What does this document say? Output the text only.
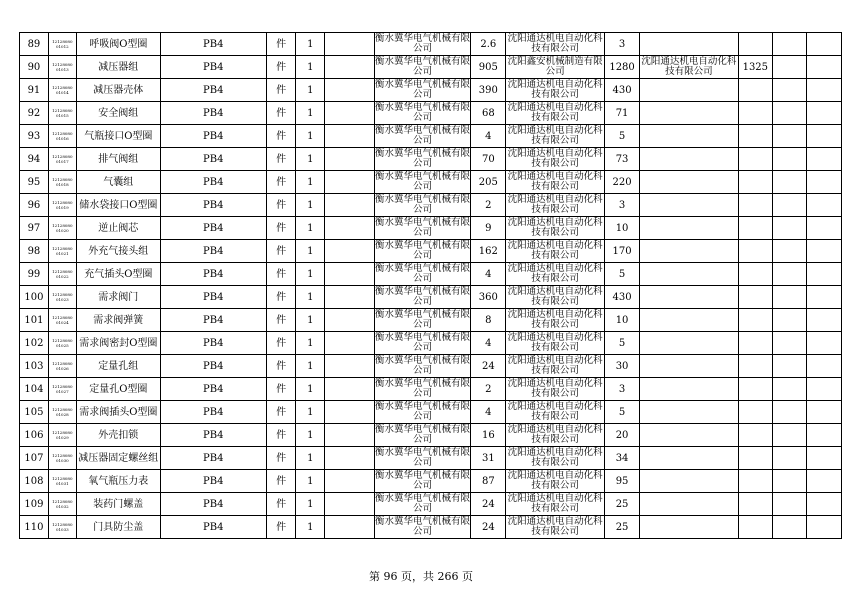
89	12128080 01012	呼吸阀O型圈	PB4	件	1		衡水冀华电气机械有限公司	2.6	沈阳通达机电自动化科技有限公司	3				
90	12128080 01013	减压器组	PB4	件	1		衡水冀华电气机械有限公司	905	沈阳鑫安机械制造有限公司	1280	沈阳通达机电自动化科技有限公司	1325		
91	12128080 01014	减压器壳体	PB4	件	1		衡水冀华电气机械有限公司	390	沈阳通达机电自动化科技有限公司	430				
92	12128080 01015	安全阀组	PB4	件	1		衡水冀华电气机械有限公司	68	沈阳通达机电自动化科技有限公司	71				
93	12128080 01016	气瓶接口O型圈	PB4	件	1		衡水冀华电气机械有限公司	4	沈阳通达机电自动化科技有限公司	5				
94	12128080 01017	排气阀组	PB4	件	1		衡水冀华电气机械有限公司	70	沈阳通达机电自动化科技有限公司	73				
95	12128080 01018	气囊组	PB4	件	1		衡水冀华电气机械有限公司	205	沈阳通达机电自动化科技有限公司	220				
96	12128080 01019	储水袋接口O型圈	PB4	件	1		衡水冀华电气机械有限公司	2	沈阳通达机电自动化科技有限公司	3				
97	12128080 01020	逆止阀芯	PB4	件	1		衡水冀华电气机械有限公司	9	沈阳通达机电自动化科技有限公司	10				
98	12128080 01021	外充气接头组	PB4	件	1		衡水冀华电气机械有限公司	162	沈阳通达机电自动化科技有限公司	170				
99	12128080 01022	充气插头O型圈	PB4	件	1		衡水冀华电气机械有限公司	4	沈阳通达机电自动化科技有限公司	5				
100	12128080 01023	需求阀门	PB4	件	1		衡水冀华电气机械有限公司	360	沈阳通达机电自动化科技有限公司	430				
101	12128080 01024	需求阀弹簧	PB4	件	1		衡水冀华电气机械有限公司	8	沈阳通达机电自动化科技有限公司	10				
102	12128080 01025	需求阀密封O型圈	PB4	件	1		衡水冀华电气机械有限公司	4	沈阳通达机电自动化科技有限公司	5				
103	12128080 01026	定量孔组	PB4	件	1		衡水冀华电气机械有限公司	24	沈阳通达机电自动化科技有限公司	30				
104	12128080 01027	定量孔O型圈	PB4	件	1		衡水冀华电气机械有限公司	2	沈阳通达机电自动化科技有限公司	3				
105	12128080 01028	需求阀插头O型圈	PB4	件	1		衡水冀华电气机械有限公司	4	沈阳通达机电自动化科技有限公司	5				
106	12128080 01029	外壳扣锁	PB4	件	1		衡水冀华电气机械有限公司	16	沈阳通达机电自动化科技有限公司	20				
107	12128080 01030	减压器固定螺丝组	PB4	件	1		衡水冀华电气机械有限公司	31	沈阳通达机电自动化科技有限公司	34				
108	12128080 01031	氧气瓶压力表	PB4	件	1		衡水冀华电气机械有限公司	87	沈阳通达机电自动化科技有限公司	95				
109	12128080 01032	装药门螺盖	PB4	件	1		衡水冀华电气机械有限公司	24	沈阳通达机电自动化科技有限公司	25				
110	12128080 01033	门具防尘盖	PB4	件	1		衡水冀华电气机械有限公司	24	沈阳通达机电自动化科技有限公司	25				
第 96 页，共 266 页
